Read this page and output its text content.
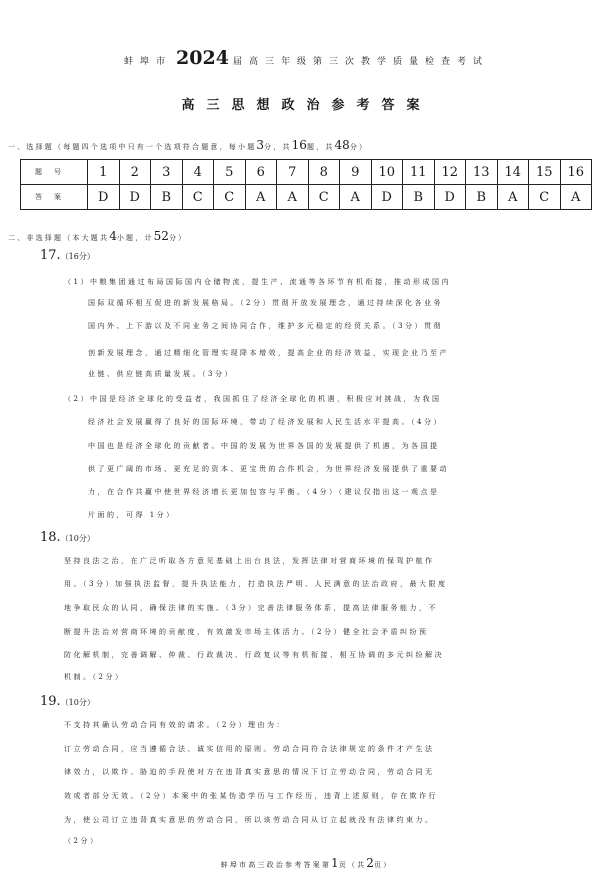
蚌埠市 2024 届高三年级第三次教学质量检查考试
高三思想政治参考答案
一、选择题（每题四个选项中只有一个选项符合题意，每小题3分，共16题，共48分）
题号	1	2	3	4	5	6	7	8	9	10	11	12	13	14	15	16
答案	D	D	B	C	C	A	A	C	A	D	B	D	B	A	C	A
二、非选择题（本大题共4小题，计52分）
17.（16分）
（1）中粮集团通过布局国际国内仓储物流，提生产、流通等各环节有机衔接，推动形成国内
国际双循环相互促进的新发展格局。（2分）贯彻开放发展理念，通过持续深化各业务
国内外、上下游以及不同业务之间协同合作，维护多元稳定的经贸关系。（3分）贯彻
创新发展理念，通过精细化管理实现降本增效，提高企业的经济效益，实现企业乃至产
业链、供应链高质量发展。（3分）
（2）中国是经济全球化的受益者，我国抓住了经济全球化的机遇，积极应对挑战，为我国
经济社会发展赢得了良好的国际环境，带动了经济发展和人民生活水平提高。（4分）
中国也是经济全球化的贡献者。中国的发展为世界各国的发展提供了机遇，为各国提
供了更广阔的市场、更充足的资本、更宝贵的合作机会，为世界经济发展提供了重要动
力，在合作共赢中使世界经济增长更加包容与平衡。（4分）（建议仅指出这一观点是
片面的，可得 1分）
18.（10分）
坚持良法之治，在广泛听取各方意见基础上出台良法，发挥法律对营商环境的保驾护航作
用。（3分）加强执法监督，提升执法能力，打造执法严明、人民满意的法治政府，最大限度
地争取民众的认同，确保法律的实施。（3分）完善法律服务体系，提高法律服务能力，不
断提升法治对营商环境的贡献度，有效激发市场主体活力。（2分）健全社会矛盾纠纷预
防化解机制，完善调解、仲裁、行政裁决、行政复议等有机衔接、相互协调的多元纠纷解决
机制。（2分）
19.（10分）
不支持其确认劳动合同有效的请求。（2分）理由为：
订立劳动合同，应当遵循合法、诚实信用的原则。劳动合同符合法律规定的条件才产生法
律效力，以欺诈、胁迫的手段使对方在违背真实意思的情况下订立劳动合同，劳动合同无
效或者部分无效。（2分）本案中的张某伪造学历与工作经历，违背上述原则，存在欺诈行
为，使公司订立违背真实意思的劳动合同，所以该劳动合同从订立起就没有法律约束力。
（2分）
蚌埠市高三政治参考答案第1页（共2页）
